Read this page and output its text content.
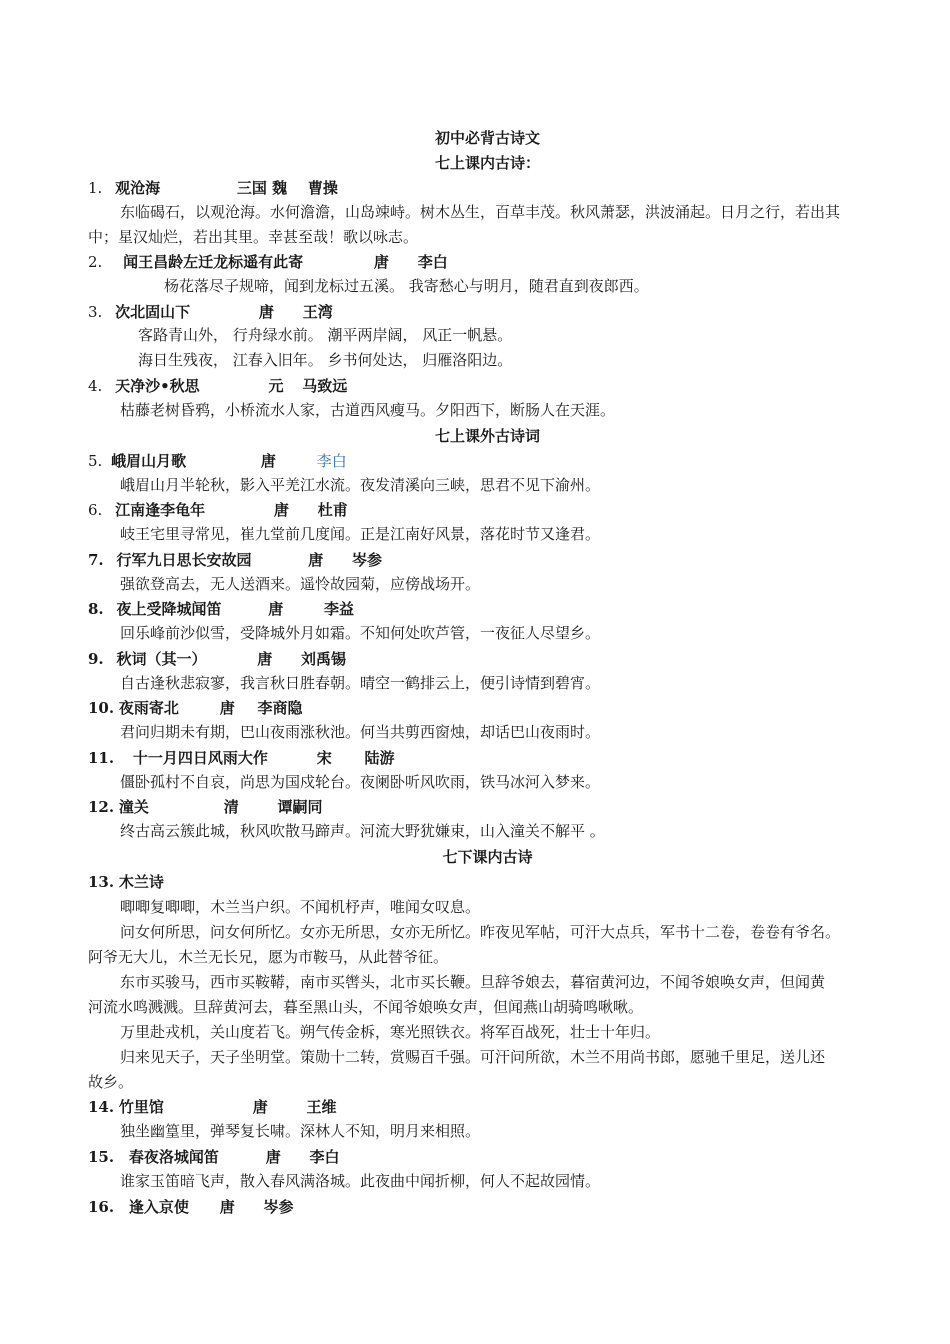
初中必背古诗文
七上课内古诗：
1. 观沧海	三国 魏 曹操
东临碣石，以观沧海。水何澹澹，山岛竦峙。树木丛生，百草丰茂。秋风萧瑟，洪波涌起。日月之行，若出其
中；星汉灿烂，若出其里。幸甚至哉！歌以咏志。
2. 闻王昌龄左迁龙标遥有此寄	唐 李白
杨花落尽子规啼，闻到龙标过五溪。 我寄愁心与明月，随君直到夜郎西。
3. 次北固山下	唐 王湾
客路青山外， 行舟绿水前。 潮平两岸阔， 风正一帆悬。
海日生残夜， 江春入旧年。 乡书何处达， 归雁洛阳边。
4. 天净沙•秋思	元 马致远
枯藤老树昏鸦，小桥流水人家，古道西风瘦马。夕阳西下，断肠人在天涯。
七上课外古诗词
5. 峨眉山月歌	唐	李白
峨眉山月半轮秋，影入平羌江水流。夜发清溪向三峡，思君不见下渝州。
6. 江南逢李龟年	唐 杜甫
岐王宅里寻常见，崔九堂前几度闻。正是江南好风景，落花时节又逢君。
7. 行军九日思长安故园	唐 岑参
强欲登高去，无人送酒来。遥怜故园菊，应傍战场开。
8. 夜上受降城闻笛	唐	李益
回乐峰前沙似雪，受降城外月如霜。不知何处吹芦管，一夜征人尽望乡。
9. 秋词（其一）	唐 刘禹锡
自古逢秋悲寂寥，我言秋日胜春朝。晴空一鹤排云上，便引诗情到碧宵。
10. 夜雨寄北	唐 李商隐
君问归期未有期，巴山夜雨涨秋池。何当共剪西窗烛，却话巴山夜雨时。
11. 十一月四日风雨大作	宋 陆游
僵卧孤村不自哀，尚思为国戍轮台。夜阑卧听风吹雨，铁马冰河入梦来。
12. 潼关	清	谭嗣同
终古高云簇此城，秋风吹散马蹄声。河流大野犹嫌束，山入潼关不解平 。
七下课内古诗
13. 木兰诗
唧唧复唧唧，木兰当户织。不闻机杼声，唯闻女叹息。
问女何所思，问女何所忆。女亦无所思，女亦无所忆。昨夜见军帖，可汗大点兵，军书十二卷，卷卷有爷名。
阿爷无大儿，木兰无长兄，愿为市鞍马，从此替爷征。
东市买骏马，西市买鞍鞯，南市买辔头，北市买长鞭。旦辞爷娘去，暮宿黄河边，不闻爷娘唤女声，但闻黄
河流水鸣溅溅。旦辞黄河去，暮至黑山头，不闻爷娘唤女声，但闻燕山胡骑鸣啾啾。
万里赴戎机，关山度若飞。朔气传金柝，寒光照铁衣。将军百战死，壮士十年归。
归来见天子，天子坐明堂。策勋十二转，赏赐百千强。可汗问所欲，木兰不用尚书郎，愿驰千里足，送儿还
故乡。
14. 竹里馆	唐	王维
独坐幽篁里，弹琴复长啸。深林人不知，明月来相照。
15. 春夜洛城闻笛	唐 李白
谁家玉笛暗飞声，散入春风满洛城。此夜曲中闻折柳，何人不起故园情。
16. 逢入京使 唐 岑参
